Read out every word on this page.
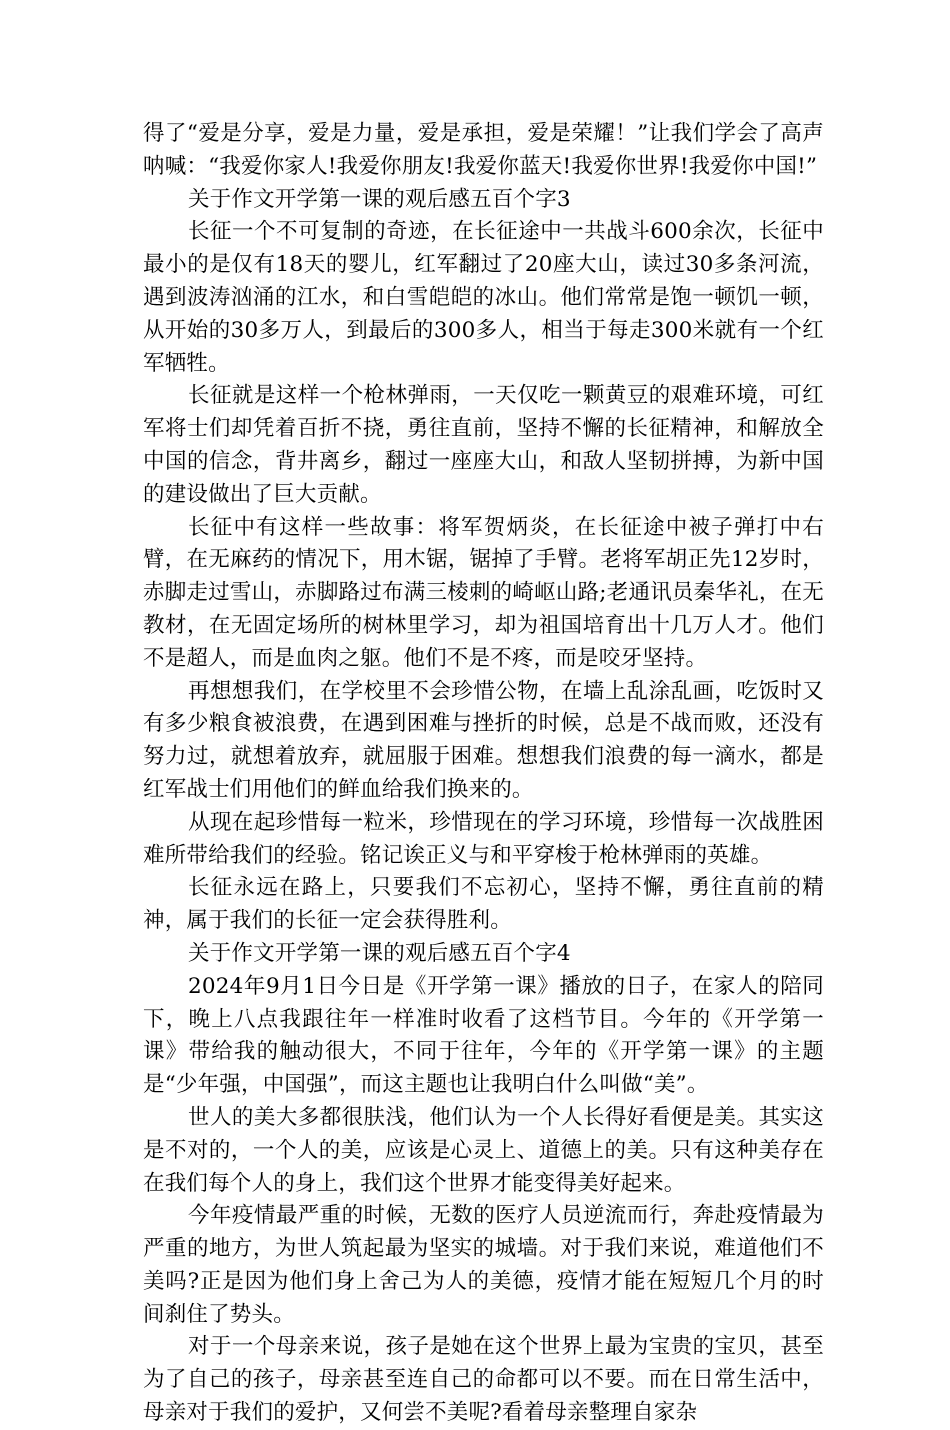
得了“爱是分享，爱是力量，爱是承担，爱是荣耀！”让我们学会了高声呐喊：“我爱你家人!我爱你朋友!我爱你蓝天!我爱你世界!我爱你中国!”

关于作文开学第一课的观后感五百个字3

长征一个不可复制的奇迹，在长征途中一共战斗600余次，长征中最小的是仅有18天的婴儿，红军翻过了20座大山，读过30多条河流，遇到波涛汹涌的江水，和白雪皑皑的冰山。他们常常是饱一顿饥一顿，从开始的30多万人，到最后的300多人，相当于每走300米就有一个红军牺牲。

长征就是这样一个枪林弹雨，一天仅吃一颗黄豆的艰难环境，可红军将士们却凭着百折不挠，勇往直前，坚持不懈的长征精神，和解放全中国的信念，背井离乡，翻过一座座大山，和敌人坚韧拼搏，为新中国的建设做出了巨大贡献。

长征中有这样一些故事：将军贺炳炎，在长征途中被子弹打中右臂，在无麻药的情况下，用木锯，锯掉了手臂。老将军胡正先12岁时，赤脚走过雪山，赤脚路过布满三棱刺的崎岖山路;老通讯员秦华礼，在无教材，在无固定场所的树林里学习，却为祖国培育出十几万人才。他们不是超人，而是血肉之躯。他们不是不疼，而是咬牙坚持。

再想想我们，在学校里不会珍惜公物，在墙上乱涂乱画，吃饭时又有多少粮食被浪费，在遇到困难与挫折的时候，总是不战而败，还没有努力过，就想着放弃，就屈服于困难。想想我们浪费的每一滴水，都是红军战士们用他们的鲜血给我们换来的。

从现在起珍惜每一粒米，珍惜现在的学习环境，珍惜每一次战胜困难所带给我们的经验。铭记诶正义与和平穿梭于枪林弹雨的英雄。

长征永远在路上，只要我们不忘初心，坚持不懈，勇往直前的精神，属于我们的长征一定会获得胜利。

关于作文开学第一课的观后感五百个字4

2024年9月1日今日是《开学第一课》播放的日子，在家人的陪同下，晚上八点我跟往年一样准时收看了这档节目。今年的《开学第一课》带给我的触动很大，不同于往年，今年的《开学第一课》的主题是“少年强，中国强”，而这主题也让我明白什么叫做“美”。

世人的美大多都很肤浅，他们认为一个人长得好看便是美。其实这是不对的，一个人的美，应该是心灵上、道德上的美。只有这种美存在在我们每个人的身上，我们这个世界才能变得美好起来。

今年疫情最严重的时候，无数的医疗人员逆流而行，奔赴疫情最为严重的地方，为世人筑起最为坚实的城墙。对于我们来说，难道他们不美吗?正是因为他们身上舍己为人的美德，疫情才能在短短几个月的时间刹住了势头。

对于一个母亲来说，孩子是她在这个世界上最为宝贵的宝贝，甚至为了自己的孩子，母亲甚至连自己的命都可以不要。而在日常生活中，母亲对于我们的爱护，又何尝不美呢?看着母亲整理自家杂
